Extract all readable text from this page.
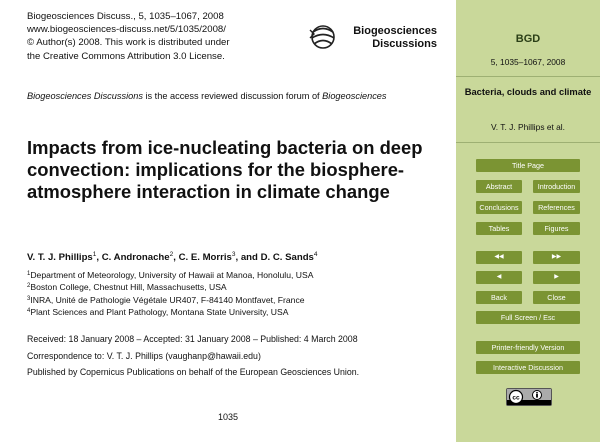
Biogeosciences Discuss., 5, 1035–1067, 2008
www.biogeosciences-discuss.net/5/1035/2008/
© Author(s) 2008. This work is distributed under
the Creative Commons Attribution 3.0 License.
Biogeosciences
Discussions
Biogeosciences Discussions is the access reviewed discussion forum of Biogeosciences
Impacts from ice-nucleating bacteria on deep convection: implications for the biosphere-atmosphere interaction in climate change
V. T. J. Phillips$^1$, C. Andronache$^2$, C. E. Morris$^3$, and D. C. Sands$^4$
$^1$Department of Meteorology, University of Hawaii at Manoa, Honolulu, USA
$^2$Boston College, Chestnut Hill, Massachusetts, USA
$^3$INRA, Unité de Pathologie Végétale UR407, F-84140 Montfavet, France
$^4$Plant Sciences and Plant Pathology, Montana State University, USA
Received: 18 January 2008 – Accepted: 31 January 2008 – Published: 4 March 2008
Correspondence to: V. T. J. Phillips (vaughanp@hawaii.edu)
Published by Copernicus Publications on behalf of the European Geosciences Union.
1035
BGD
5, 1035–1067, 2008
Bacteria, clouds and climate
V. T. J. Phillips et al.
Title Page
Abstract	Introduction
Conclusions	References
Tables	Figures
◀◀	▶▶
◀	▶
Back	Close
Full Screen / Esc
Printer-friendly Version
Interactive Discussion
cc
